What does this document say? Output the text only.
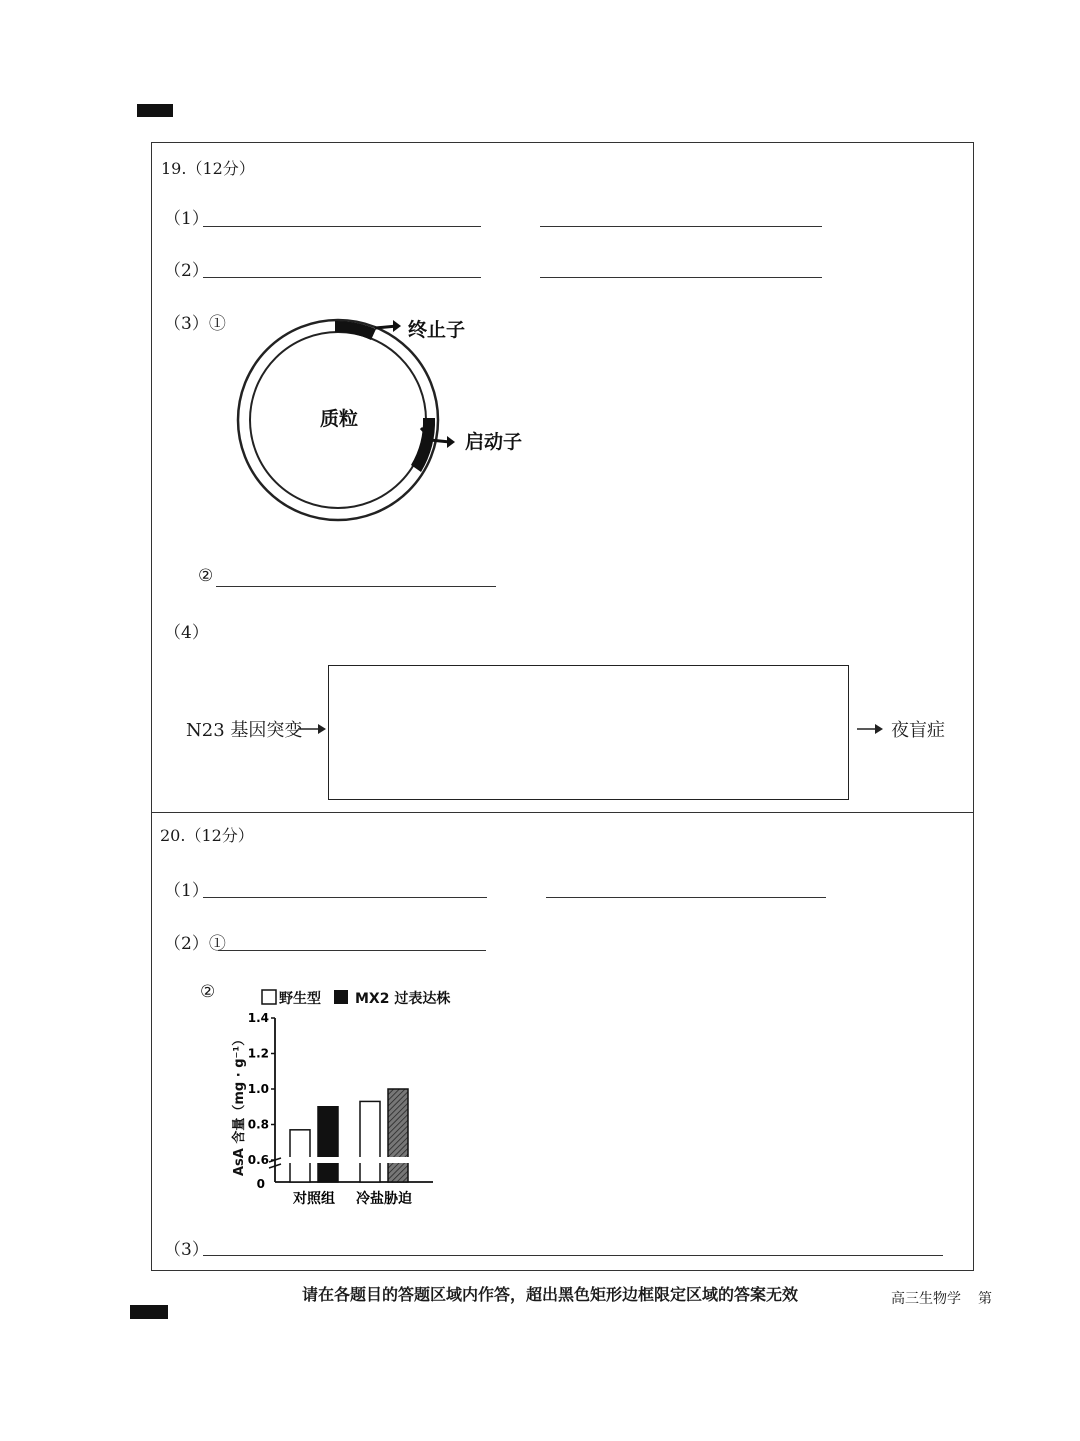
19.（12分）
（1）
（2）
（3）①
质粒
终止子
启动子
②
（4）
N23 基因突变	夜盲症
20.（12分）
（1）
（2）①
②	野生型 MX2 过表达株
AsA 含量（mg · g⁻¹）
1.4
1.2
1.0
0.8
0.6
0
对照组 冷盐胁迫
（3）
请在各题目的答题区域内作答，超出黑色矩形边框限定区域的答案无效	高三生物学 第
